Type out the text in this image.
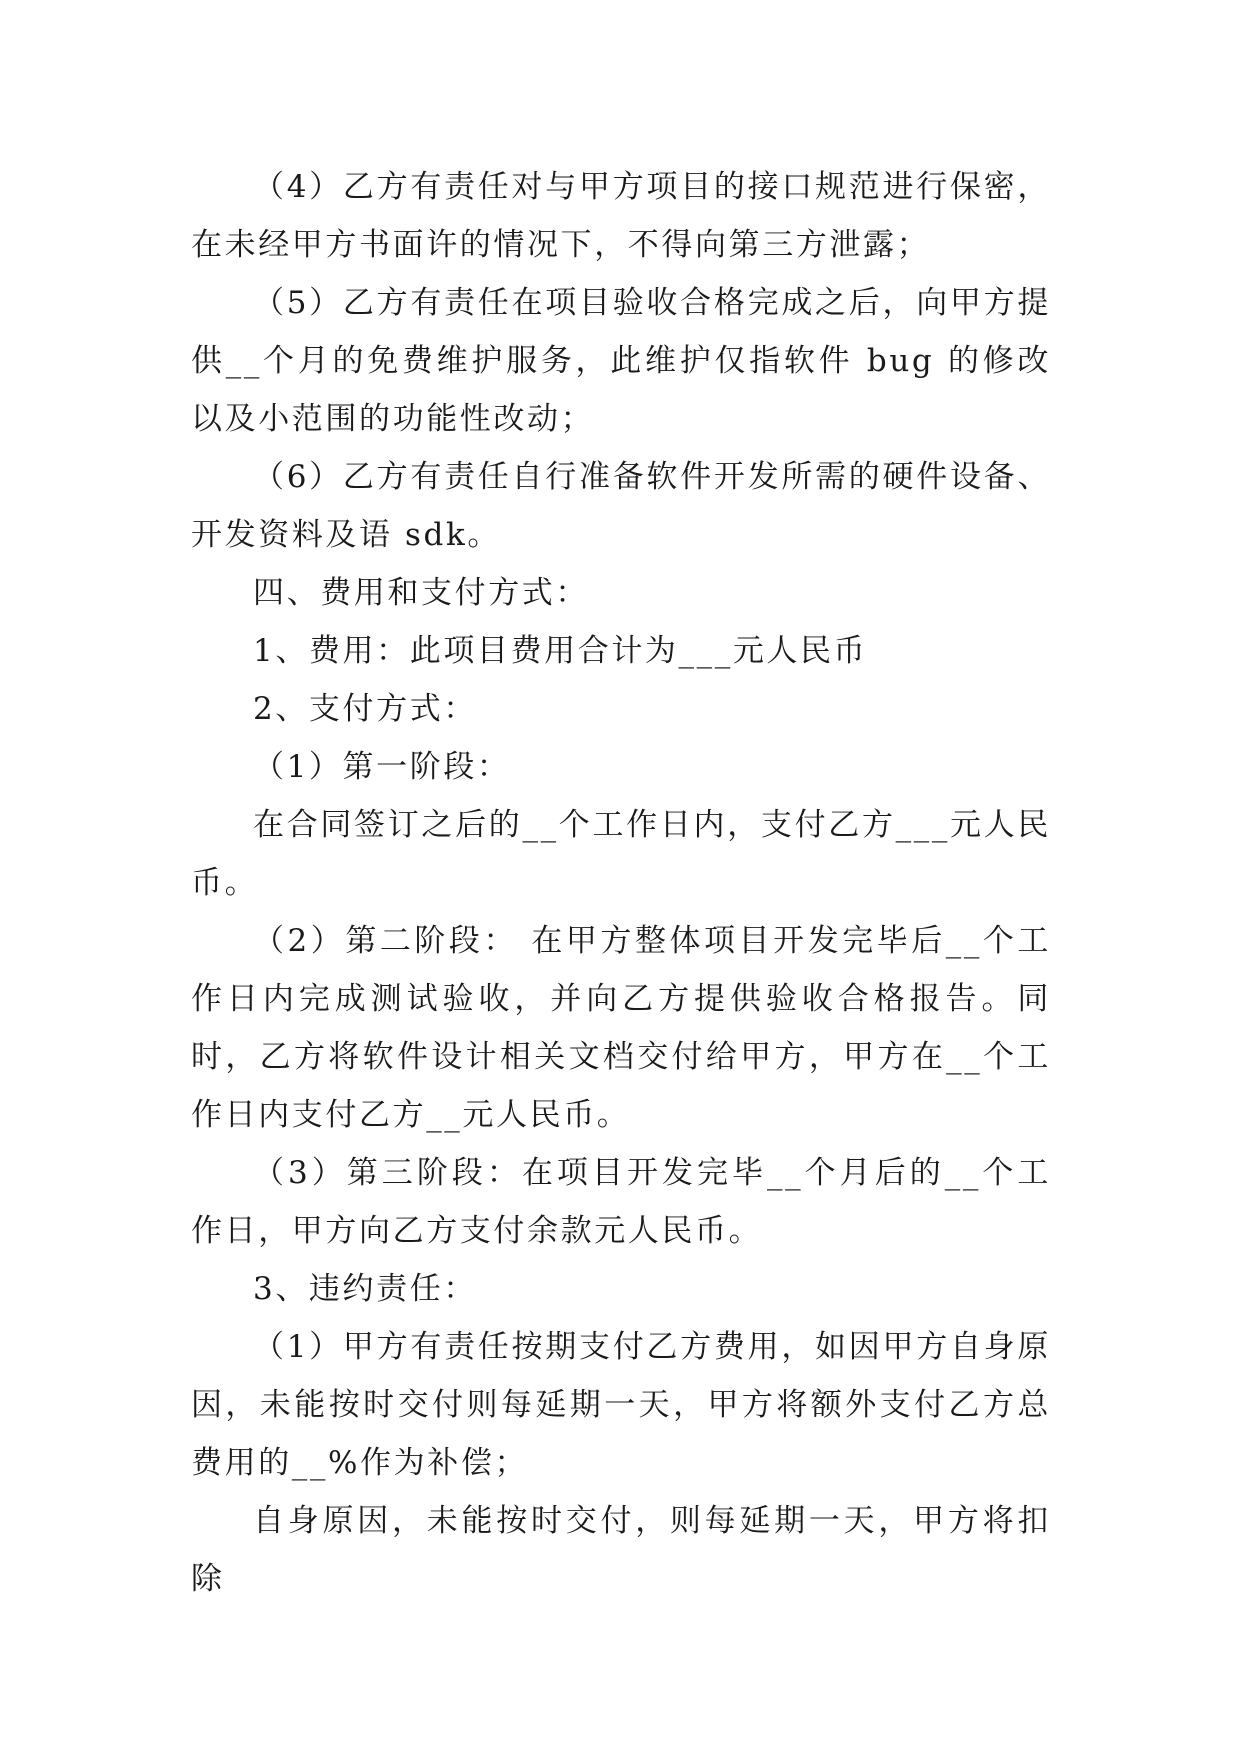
（4）乙方有责任对与甲方项目的接口规范进行保密，在未经甲方书面许的情况下，不得向第三方泄露；

（5）乙方有责任在项目验收合格完成之后，向甲方提供__个月的免费维护服务，此维护仅指软件 bug 的修改以及小范围的功能性改动；

（6）乙方有责任自行准备软件开发所需的硬件设备、开发资料及语 sdk。

四、费用和支付方式：

1、费用：此项目费用合计为___元人民币

2、支付方式：

（1）第一阶段：

在合同签订之后的__个工作日内，支付乙方___元人民币。

（2）第二阶段： 在甲方整体项目开发完毕后__个工作日内完成测试验收，并向乙方提供验收合格报告。同时，乙方将软件设计相关文档交付给甲方，甲方在__个工作日内支付乙方__元人民币。

（3）第三阶段：在项目开发完毕__个月后的__个工作日，甲方向乙方支付余款元人民币。

3、违约责任：

（1）甲方有责任按期支付乙方费用，如因甲方自身原因，未能按时交付则每延期一天，甲方将额外支付乙方总费用的__%作为补偿；

自身原因，未能按时交付，则每延期一天，甲方将扣除
